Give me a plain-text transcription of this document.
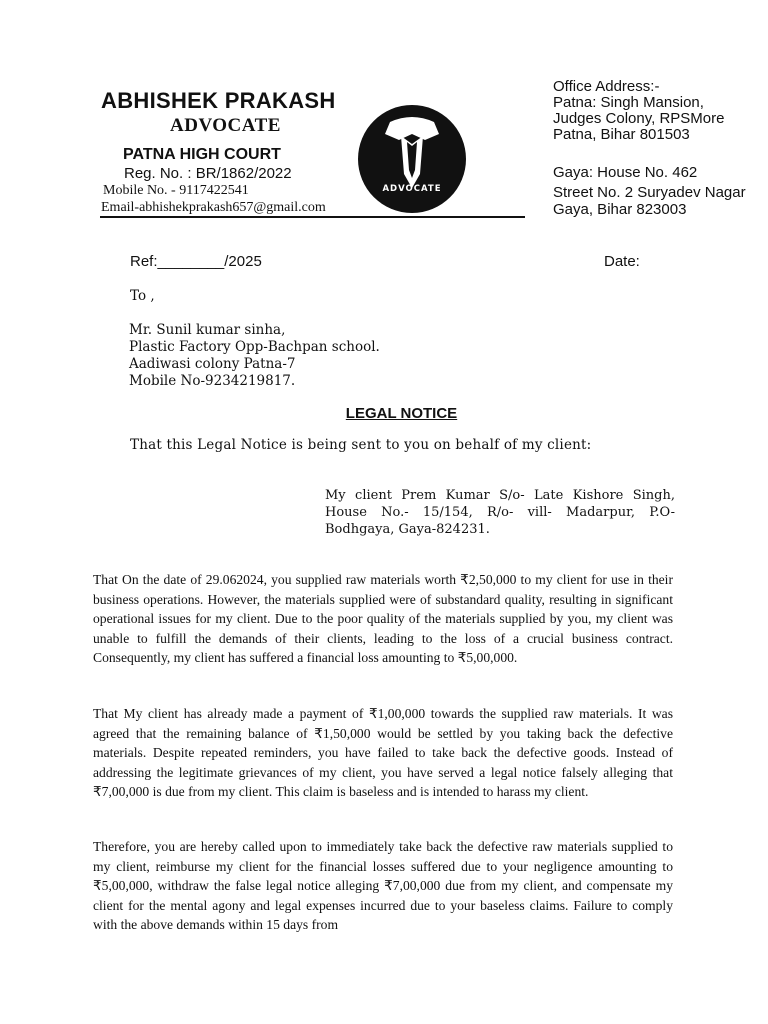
ABHISHEK PRAKASH
ADVOCATE
PATNA HIGH COURT
Reg. No. : BR/1862/2022
Mobile No. - 9117422541
Email-abhishekprakash657@gmail.com
ADVOCATE
Office Address:-
Patna: Singh Mansion,
Judges Colony, RPSMore
Patna, Bihar 801503
Gaya: House No. 462
Street No. 2 Suryadev Nagar
Gaya, Bihar 823003
Ref:________/2025	Date:
To ,
Mr. Sunil kumar sinha,
Plastic Factory Opp-Bachpan school.
Aadiwasi colony Patna-7
Mobile No-9234219817.
LEGAL NOTICE
That this Legal Notice is being sent to you on behalf of my client:
My client Prem Kumar S/o- Late Kishore Singh, House No.- 15/154, R/o- vill- Madarpur, P.O- Bodhgaya, Gaya-824231.
That On the date of 29.062024, you supplied raw materials worth ₹2,50,000 to my client for use in their business operations. However, the materials supplied were of substandard quality, resulting in significant operational issues for my client. Due to the poor quality of the materials supplied by you, my client was unable to fulfill the demands of their clients, leading to the loss of a crucial business contract. Consequently, my client has suffered a financial loss amounting to ₹5,00,000.
That My client has already made a payment of ₹1,00,000 towards the supplied raw materials. It was agreed that the remaining balance of ₹1,50,000 would be settled by you taking back the defective materials. Despite repeated reminders, you have failed to take back the defective goods. Instead of addressing the legitimate grievances of my client, you have served a legal notice falsely alleging that ₹7,00,000 is due from my client. This claim is baseless and is intended to harass my client.
Therefore, you are hereby called upon to immediately take back the defective raw materials supplied to my client, reimburse my client for the financial losses suffered due to your negligence amounting to ₹5,00,000, withdraw the false legal notice alleging ₹7,00,000 due from my client, and compensate my client for the mental agony and legal expenses incurred due to your baseless claims. Failure to comply with the above demands within 15 days from
